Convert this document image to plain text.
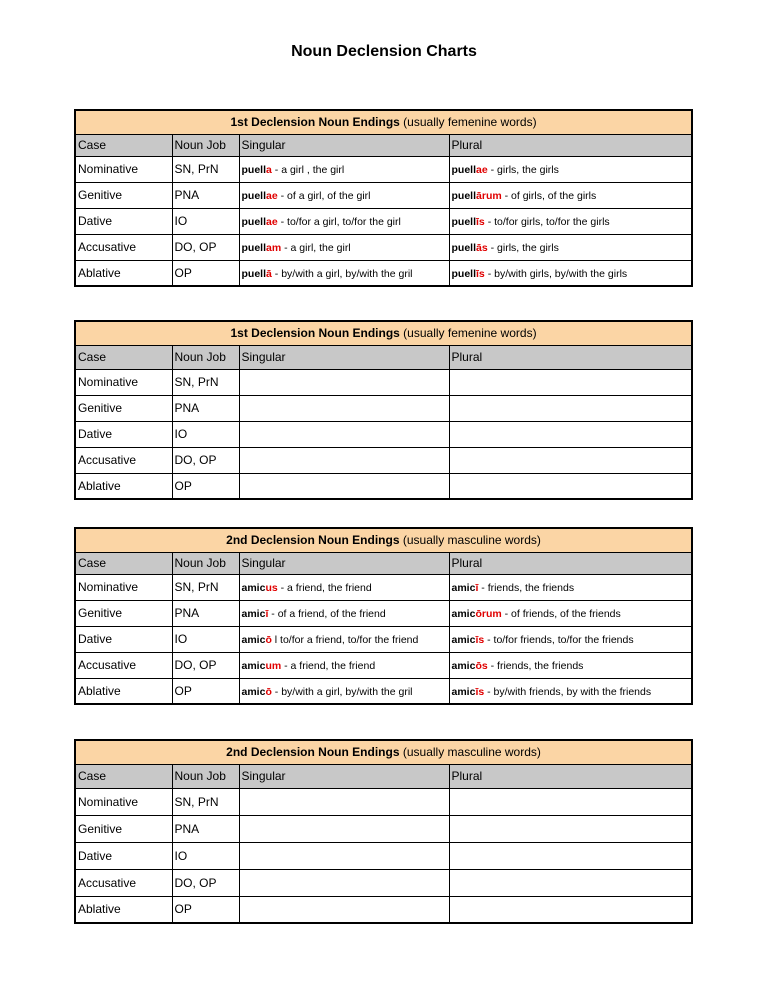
Noun Declension Charts
1st Declension Noun Endings (usually femenine words)			
Case	Noun Job	Singular	Plural
Nominative	SN, PrN	puella - a girl , the girl	puellae - girls, the girls
Genitive	PNA	puellae - of a girl, of the girl	puellārum - of girls, of the girls
Dative	IO	puellae - to/for a girl, to/for the girl	puellīs - to/for girls, to/for the girls
Accusative	DO, OP	puellam - a girl, the girl	puellās - girls, the girls
Ablative	OP	puellā - by/with a girl, by/with the gril	puellīs - by/with girls, by/with the girls
1st Declension Noun Endings (usually femenine words)			
Case	Noun Job	Singular	Plural
Nominative	SN, PrN		
Genitive	PNA		
Dative	IO		
Accusative	DO, OP		
Ablative	OP		
2nd Declension Noun Endings (usually masculine words)			
Case	Noun Job	Singular	Plural
Nominative	SN, PrN	amicus - a friend, the friend	amicī - friends, the friends
Genitive	PNA	amicī - of a friend, of the friend	amicōrum - of friends, of the friends
Dative	IO	amicō l to/for a friend, to/for the friend	amicīs - to/for friends, to/for the friends
Accusative	DO, OP	amicum - a friend, the friend	amicōs - friends, the friends
Ablative	OP	amicō - by/with a girl, by/with the gril	amicīs - by/with friends, by with the friends
2nd Declension Noun Endings (usually masculine words)			
Case	Noun Job	Singular	Plural
Nominative	SN, PrN		
Genitive	PNA		
Dative	IO		
Accusative	DO, OP		
Ablative	OP		
